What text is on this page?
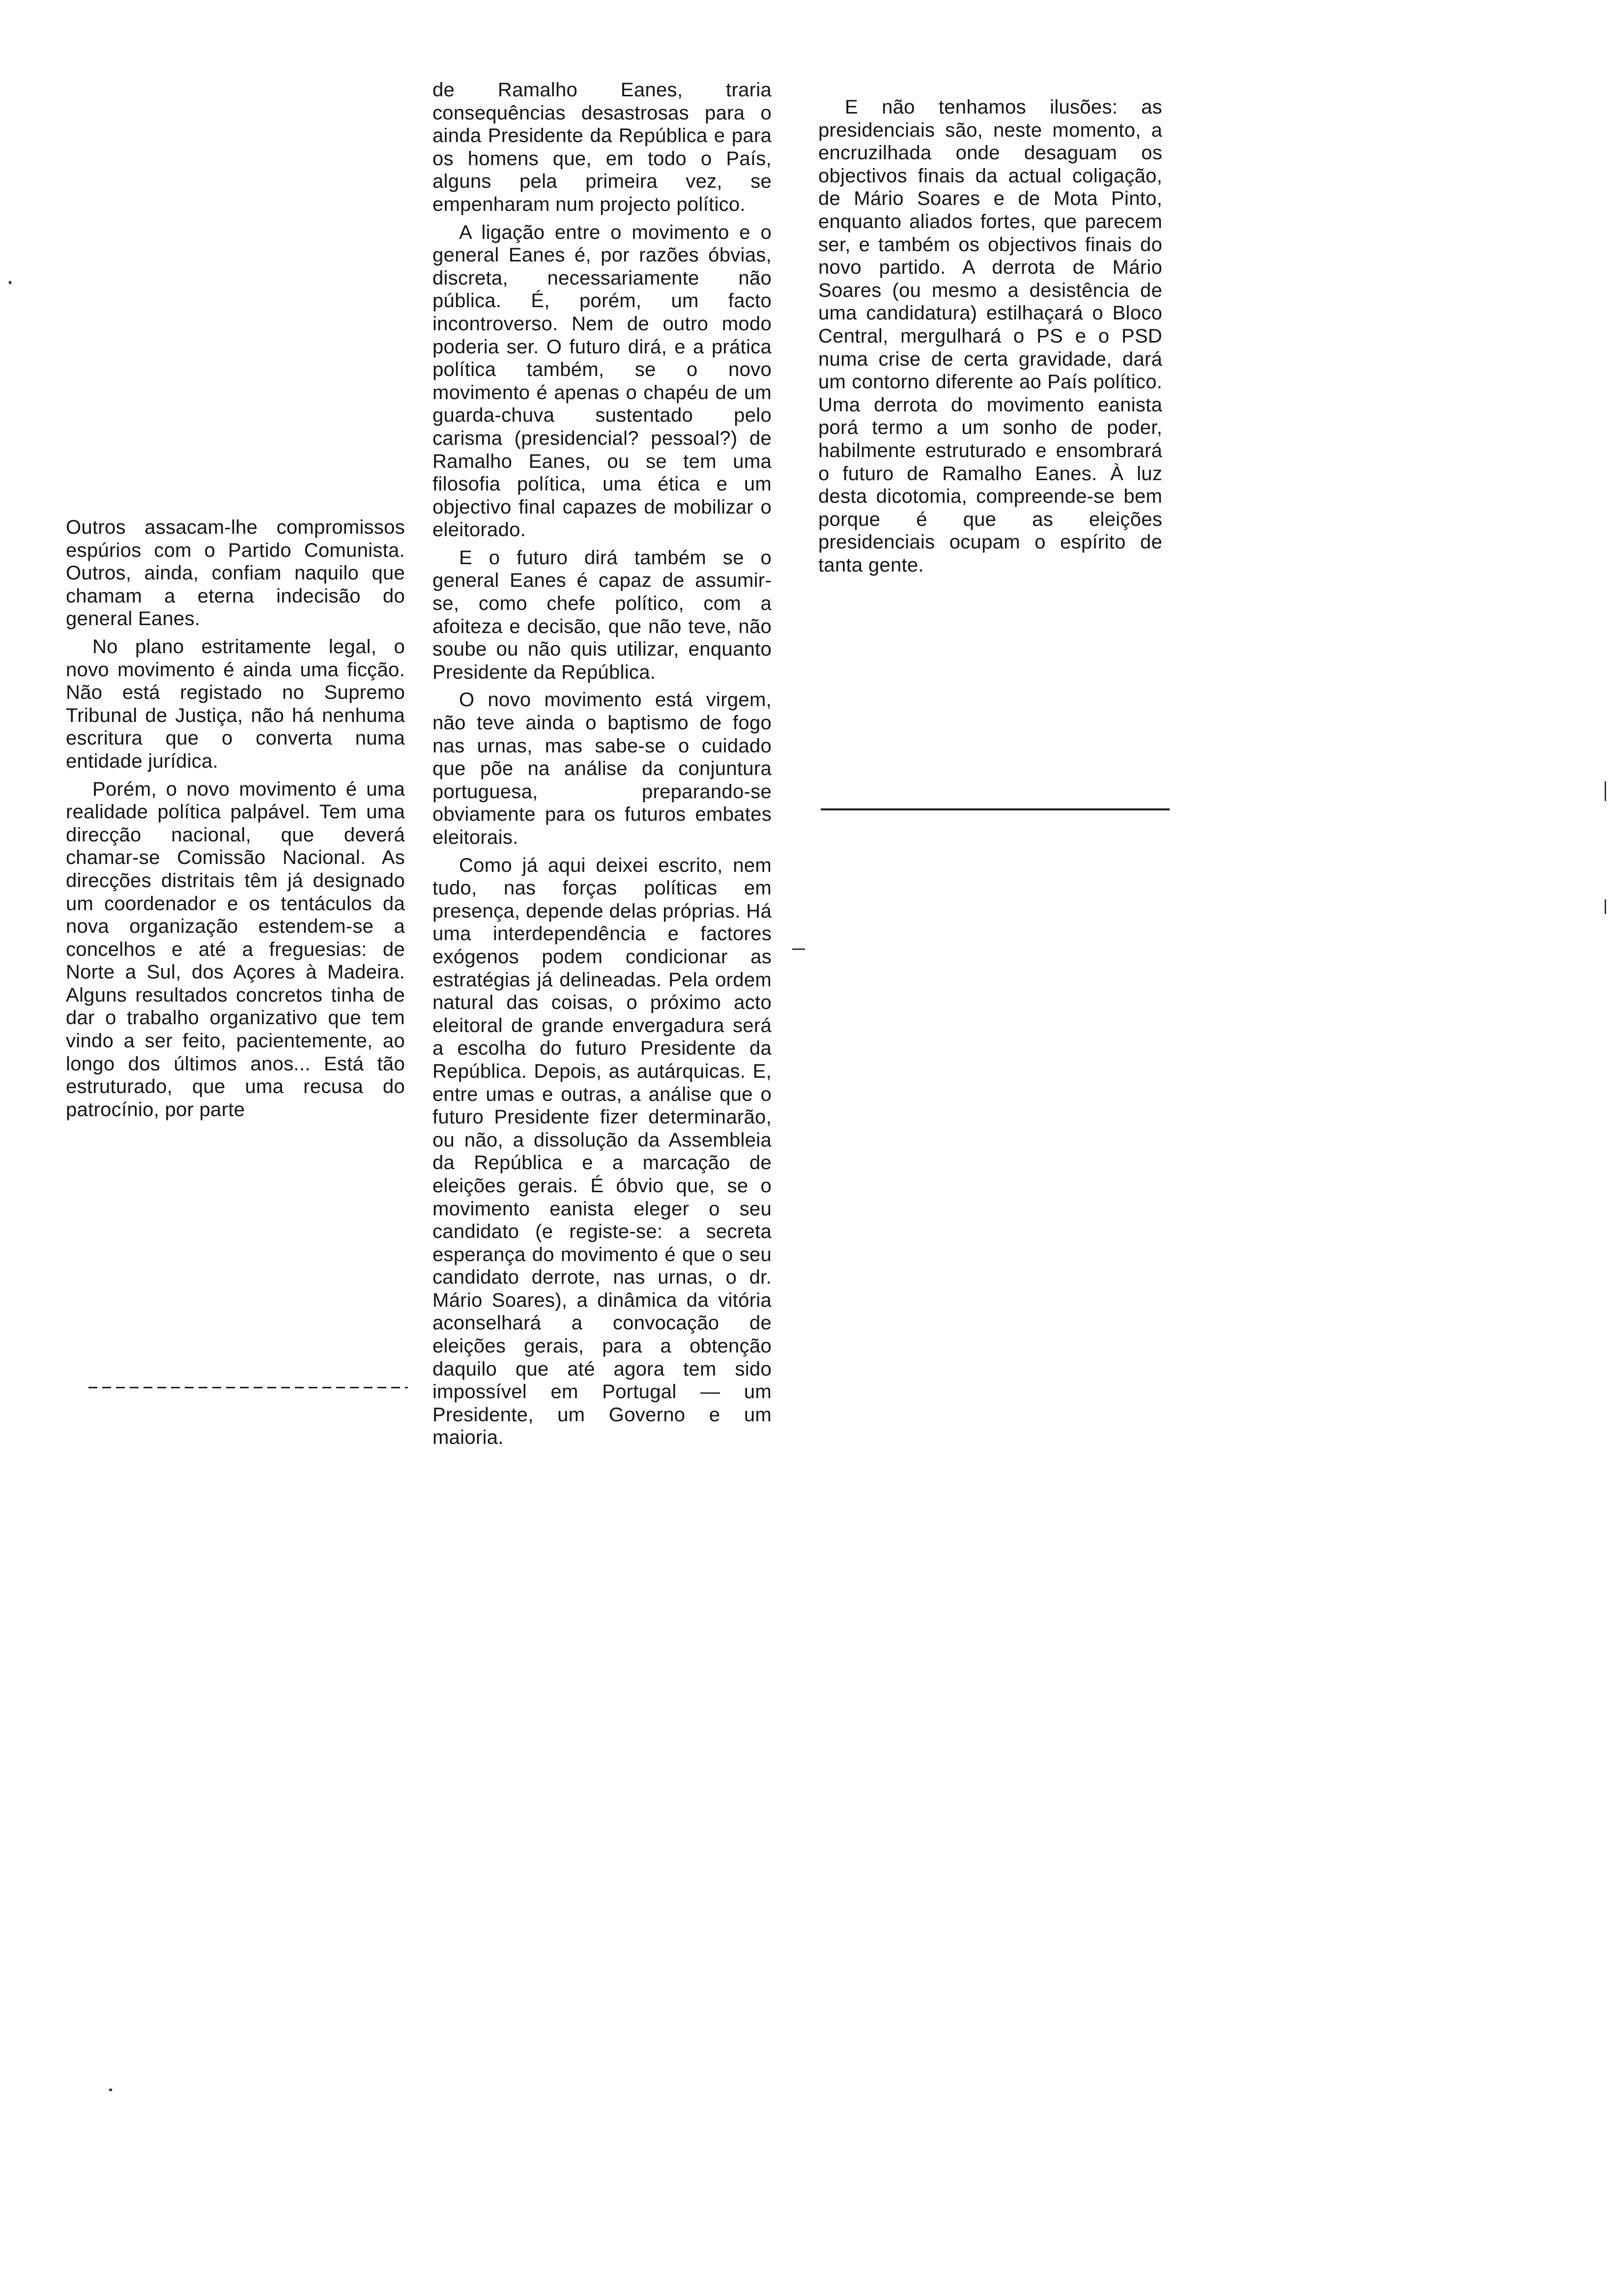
Outros assacam-lhe compromissos espúrios com o Partido Comunista. Outros, ainda, confiam naquilo que chamam a eterna indecisão do general Eanes.

No plano estritamente legal, o novo movimento é ainda uma ficção. Não está registado no Supremo Tribunal de Justiça, não há nenhuma escritura que o converta numa entidade jurídica.

Porém, o novo movimento é uma realidade política palpável. Tem uma direcção nacional, que deverá chamar-se Comissão Nacional. As direcções distritais têm já designado um coordenador e os tentáculos da nova organização estendem-se a concelhos e até a freguesias: de Norte a Sul, dos Açores à Madeira. Alguns resultados concretos tinha de dar o trabalho organizativo que tem vindo a ser feito, pacientemente, ao longo dos últimos anos... Está tão estruturado, que uma recusa do patrocínio, por parte

de Ramalho Eanes, traria consequências desastrosas para o ainda Presidente da República e para os homens que, em todo o País, alguns pela primeira vez, se empenharam num projecto político.

A ligação entre o movimento e o general Eanes é, por razões óbvias, discreta, necessariamente não pública. É, porém, um facto incontroverso. Nem de outro modo poderia ser. O futuro dirá, e a prática política também, se o novo movimento é apenas o chapéu de um guarda-chuva sustentado pelo carisma (presidencial? pessoal?) de Ramalho Eanes, ou se tem uma filosofia política, uma ética e um objectivo final capazes de mobilizar o eleitorado.

E o futuro dirá também se o general Eanes é capaz de assumir-se, como chefe político, com a afoiteza e decisão, que não teve, não soube ou não quis utilizar, enquanto Presidente da República.

O novo movimento está virgem, não teve ainda o baptismo de fogo nas urnas, mas sabe-se o cuidado que põe na análise da conjuntura portuguesa, preparando-se obviamente para os futuros embates eleitorais.

Como já aqui deixei escrito, nem tudo, nas forças políticas em presença, depende delas próprias. Há uma interdependência e factores exógenos podem condicionar as estratégias já delineadas. Pela ordem natural das coisas, o próximo acto eleitoral de grande envergadura será a escolha do futuro Presidente da República. Depois, as autárquicas. E, entre umas e outras, a análise que o futuro Presidente fizer determinarão, ou não, a dissolução da Assembleia da República e a marcação de eleições gerais. É óbvio que, se o movimento eanista eleger o seu candidato (e registe-se: a secreta esperança do movimento é que o seu candidato derrote, nas urnas, o dr. Mário Soares), a dinâmica da vitória aconselhará a convocação de eleições gerais, para a obtenção daquilo que até agora tem sido impossível em Portugal — um Presidente, um Governo e um maioria.

E não tenhamos ilusões: as presidenciais são, neste momento, a encruzilhada onde desaguam os objectivos finais da actual coligação, de Mário Soares e de Mota Pinto, enquanto aliados fortes, que parecem ser, e também os objectivos finais do novo partido. A derrota de Mário Soares (ou mesmo a desistência de uma candidatura) estilhaçará o Bloco Central, mergulhará o PS e o PSD numa crise de certa gravidade, dará um contorno diferente ao País político. Uma derrota do movimento eanista porá termo a um sonho de poder, habilmente estruturado e ensombrará o futuro de Ramalho Eanes. À luz desta dicotomia, compreende-se bem porque é que as eleições presidenciais ocupam o espírito de tanta gente.
